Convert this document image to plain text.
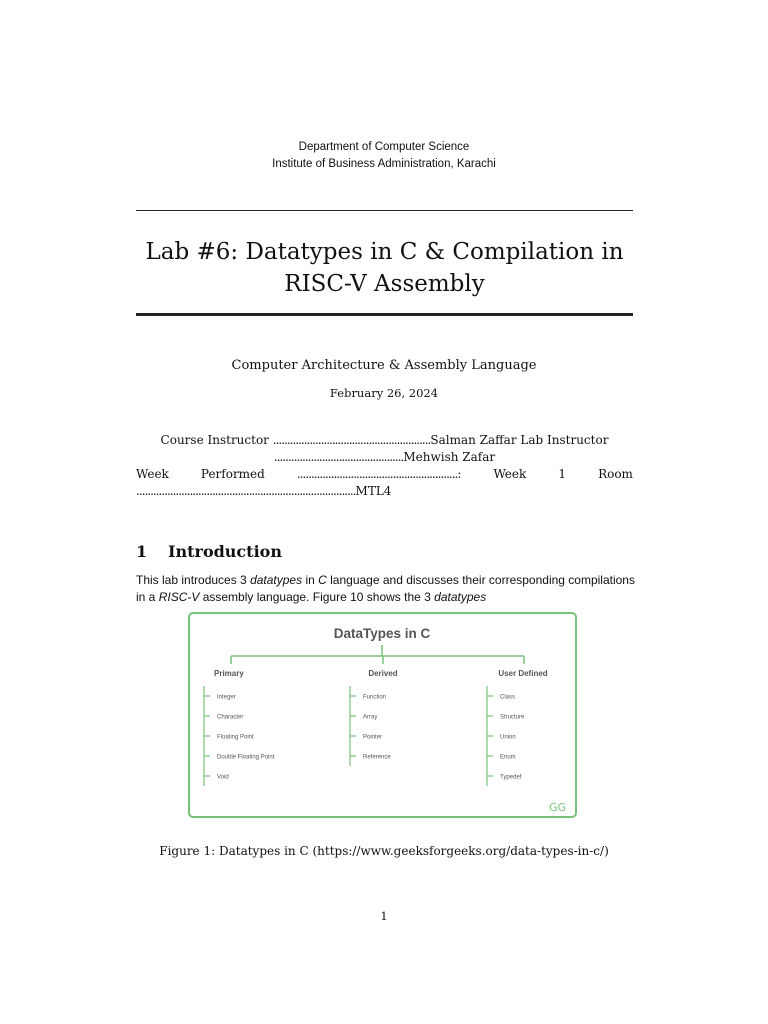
Department of Computer Science
Institute of Business Administration, Karachi
Lab #6: Datatypes in C & Compilation in
RISC-V Assembly
Computer Architecture & Assembly Language
February 26, 2024
Course Instructor ........................................................Salman Zaffar Lab Instructor
..............................................Mehwish Zafar
Week	Performed	.........................................................:	Week	1	Room
..............................................................................MTL4
1 Introduction
This lab introduces 3 datatypes in C language and discusses their corresponding compilations
in a RISC-V assembly language. Figure 10 shows the 3 datatypes
DataTypes in C
Primary
Integer
Character
Floating Point
Double Floating Point
Void
Derived
Function
Array
Pointer
Reference
User Defined
Class
Structure
Union
Enum
Typedef
GG
Figure 1: Datatypes in C (https://www.geeksforgeeks.org/data-types-in-c/)
1
